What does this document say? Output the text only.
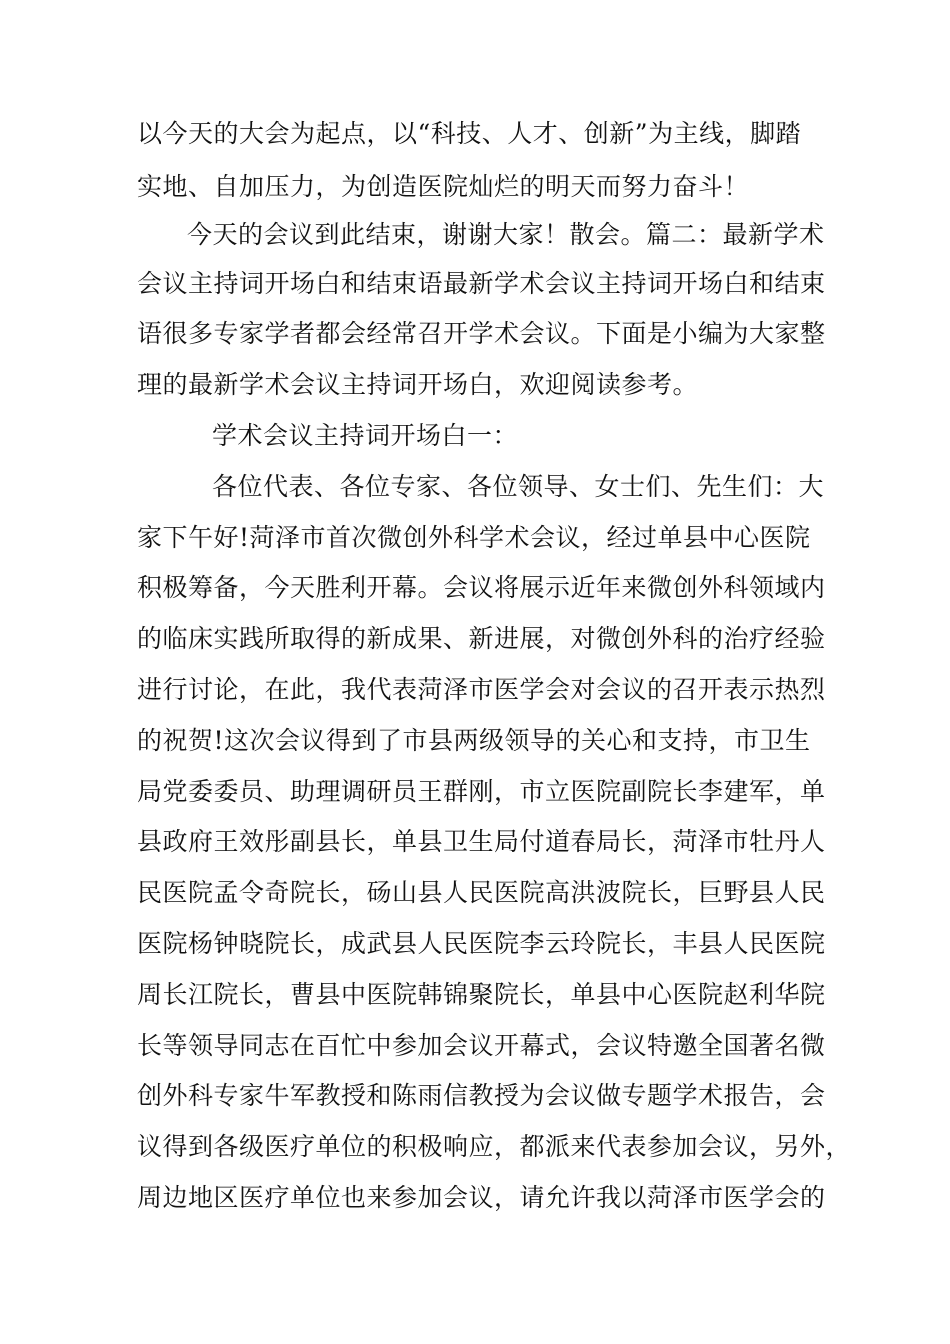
以今天的大会为起点，以“科技、人才、创新”为主线，脚踏
实地、自加压力，为创造医院灿烂的明天而努力奋斗！
今天的会议到此结束，谢谢大家！散会。篇二：最新学术
会议主持词开场白和结束语最新学术会议主持词开场白和结束
语很多专家学者都会经常召开学术会议。下面是小编为大家整
理的最新学术会议主持词开场白，欢迎阅读参考。
学术会议主持词开场白一：
各位代表、各位专家、各位领导、女士们、先生们：大
家下午好!菏泽市首次微创外科学术会议，经过单县中心医院
积极筹备，今天胜利开幕。会议将展示近年来微创外科领域内
的临床实践所取得的新成果、新进展，对微创外科的治疗经验
进行讨论，在此，我代表菏泽市医学会对会议的召开表示热烈
的祝贺!这次会议得到了市县两级领导的关心和支持，市卫生
局党委委员、助理调研员王群刚，市立医院副院长李建军，单
县政府王效彤副县长，单县卫生局付道春局长，菏泽市牡丹人
民医院孟令奇院长，砀山县人民医院高洪波院长，巨野县人民
医院杨钟晓院长，成武县人民医院李云玲院长，丰县人民医院
周长江院长，曹县中医院韩锦聚院长，单县中心医院赵利华院
长等领导同志在百忙中参加会议开幕式，会议特邀全国著名微
创外科专家牛军教授和陈雨信教授为会议做专题学术报告，会
议得到各级医疗单位的积极响应，都派来代表参加会议，另外，
周边地区医疗单位也来参加会议，请允许我以菏泽市医学会的
